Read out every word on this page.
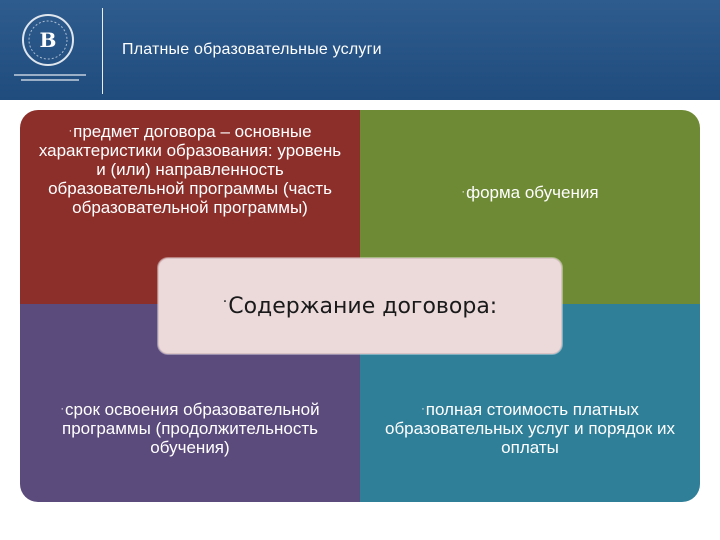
В	Платные образовательные услуги
·предмет договора – основные характеристики образования: уровень и (или) направленность образовательной программы (часть образовательной программы)
·форма обучения
·срок освоения образовательной программы (продолжительность обучения)
·полная стоимость платных образовательных услуг и порядок их оплаты
·Содержание договора:
Высшая школа экономики, Москва, 2013
